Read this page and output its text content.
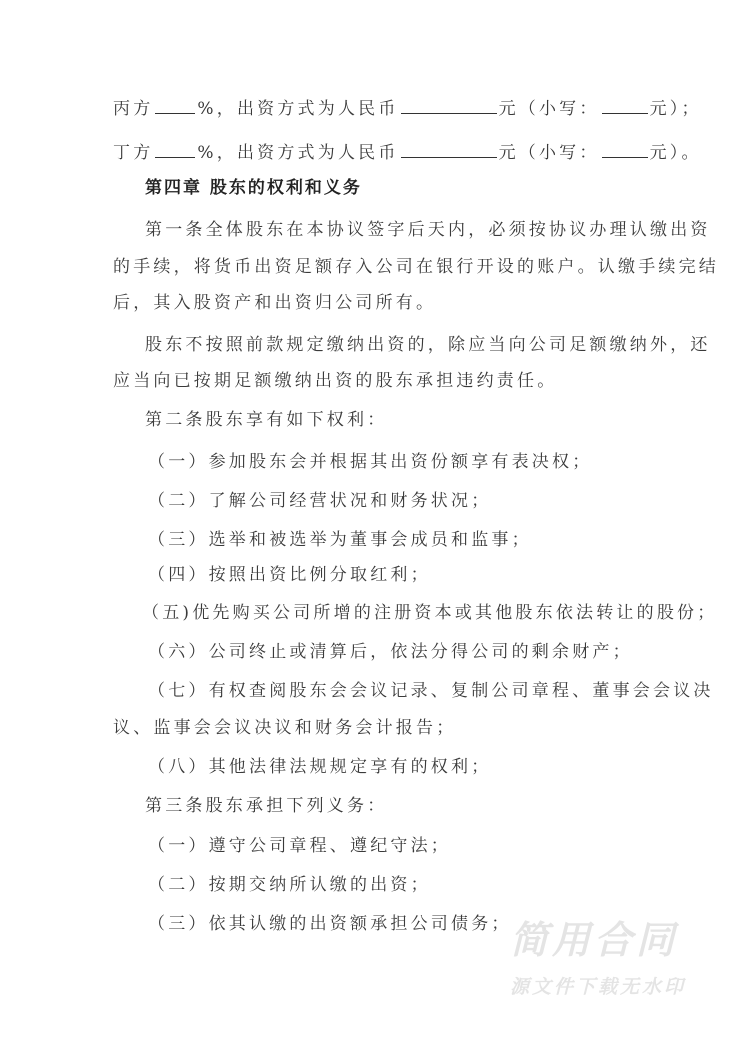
丙方	%，出资方式为人民币	元（小写：	元）；
丁方	%，出资方式为人民币	元（小写：	元）。
第四章 股东的权利和义务
第一条全体股东在本协议签字后天内，必须按协议办理认缴出资
的手续，将货币出资足额存入公司在银行开设的账户。认缴手续完结
后，其入股资产和出资归公司所有。
股东不按照前款规定缴纳出资的，除应当向公司足额缴纳外，还
应当向已按期足额缴纳出资的股东承担违约责任。
第二条股东享有如下权利：
（一）参加股东会并根据其出资份额享有表决权；
（二）了解公司经营状况和财务状况；
（三）选举和被选举为董事会成员和监事；
（四）按照出资比例分取红利；
（五)优先购买公司所增的注册资本或其他股东依法转让的股份；
（六）公司终止或清算后，依法分得公司的剩余财产；
（七）有权查阅股东会会议记录、复制公司章程、董事会会议决
议、监事会会议决议和财务会计报告；
（八）其他法律法规规定享有的权利；
第三条股东承担下列义务：
（一）遵守公司章程、遵纪守法；
（二）按期交纳所认缴的出资；
（三）依其认缴的出资额承担公司债务；
简用合同
源文件下载无水印
